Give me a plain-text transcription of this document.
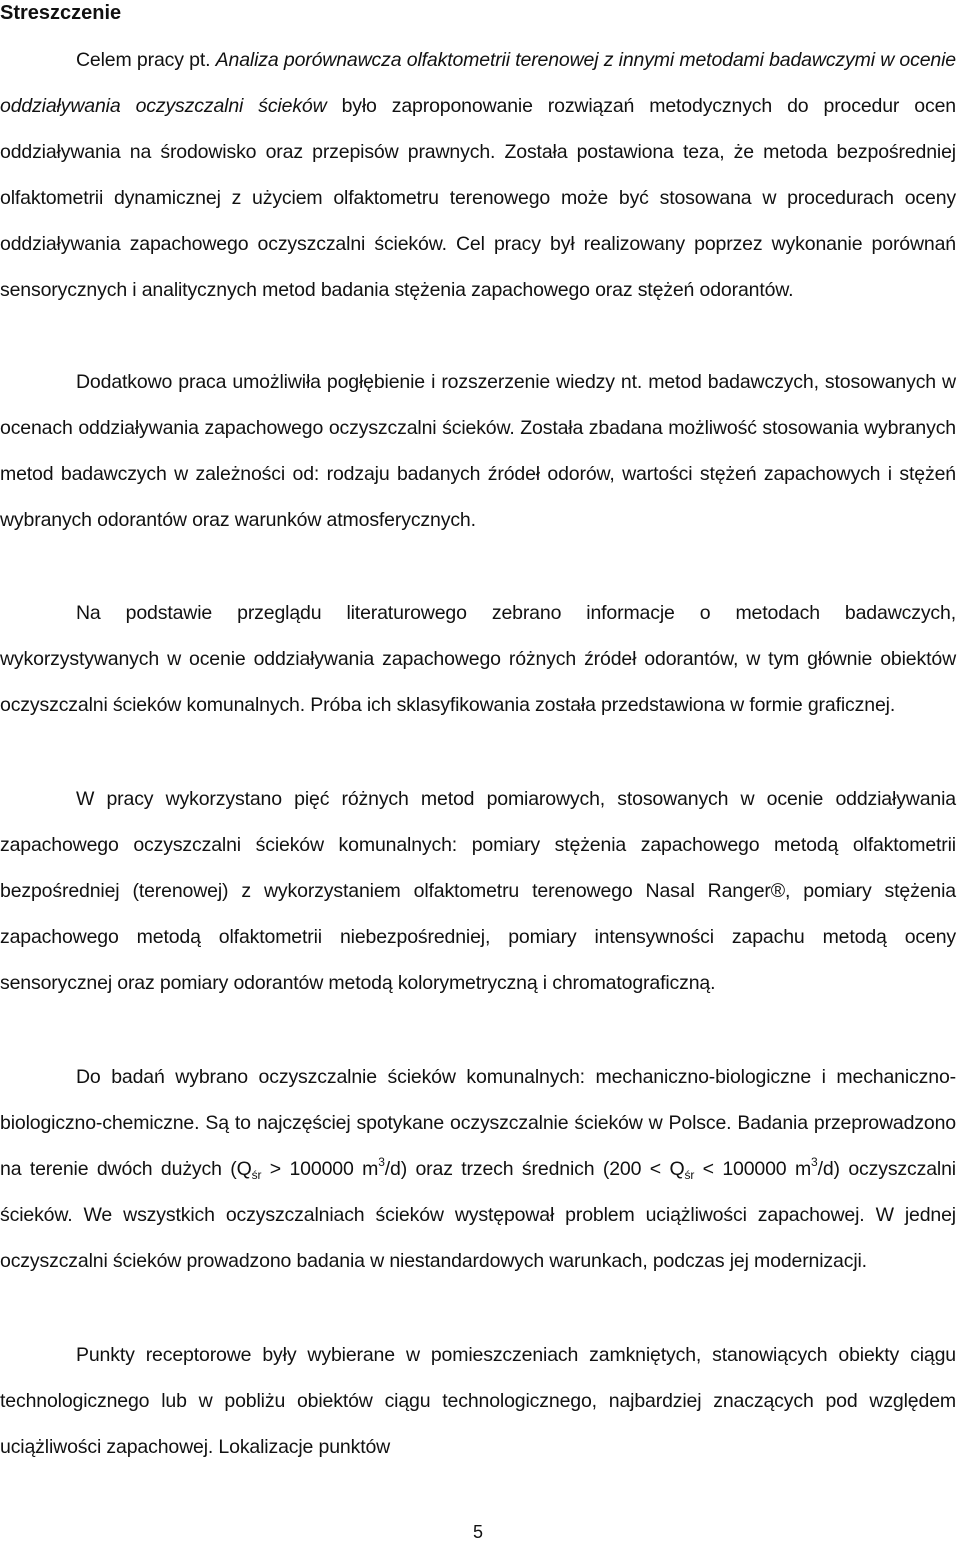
Streszczenie

Celem pracy pt. Analiza porównawcza olfaktometrii terenowej z innymi metodami badawczymi w ocenie oddziaływania oczyszczalni ścieków było zaproponowanie rozwiązań metodycznych do procedur ocen oddziaływania na środowisko oraz przepisów prawnych. Została postawiona teza, że metoda bezpośredniej olfaktometrii dynamicznej z użyciem olfaktometru terenowego może być stosowana w procedurach oceny oddziaływania zapachowego oczyszczalni ścieków. Cel pracy był realizowany poprzez wykonanie porównań sensorycznych i analitycznych metod badania stężenia zapachowego oraz stężeń odorantów.

Dodatkowo praca umożliwiła pogłębienie i rozszerzenie wiedzy nt. metod badawczych, stosowanych w ocenach oddziaływania zapachowego oczyszczalni ścieków. Została zbadana możliwość stosowania wybranych metod badawczych w zależności od: rodzaju badanych źródeł odorów, wartości stężeń zapachowych i stężeń wybranych odorantów oraz warunków atmosferycznych.

Na podstawie przeglądu literaturowego zebrano informacje o metodach badawczych, wykorzystywanych w ocenie oddziaływania zapachowego różnych źródeł odorantów, w tym głównie obiektów oczyszczalni ścieków komunalnych. Próba ich sklasyfikowania została przedstawiona w formie graficznej.

W pracy wykorzystano pięć różnych metod pomiarowych, stosowanych w ocenie oddziaływania zapachowego oczyszczalni ścieków komunalnych: pomiary stężenia zapachowego metodą olfaktometrii bezpośredniej (terenowej) z wykorzystaniem olfaktometru terenowego Nasal Ranger®, pomiary stężenia zapachowego metodą olfaktometrii niebezpośredniej, pomiary intensywności zapachu metodą oceny sensorycznej oraz pomiary odorantów metodą kolorymetryczną i chromatograficzną.

Do badań wybrano oczyszczalnie ścieków komunalnych: mechaniczno-biologiczne i mechaniczno-biologiczno-chemiczne. Są to najczęściej spotykane oczyszczalnie ścieków w Polsce. Badania przeprowadzono na terenie dwóch dużych ($Q_{śr} > 100000$ $m^3/d$) oraz trzech średnich ($200 < Q_{śr} < 100000$ $m^3/d$) oczyszczalni ścieków. We wszystkich oczyszczalniach ścieków występował problem uciążliwości zapachowej. W jednej oczyszczalni ścieków prowadzono badania w niestandardowych warunkach, podczas jej modernizacji.

Punkty receptorowe były wybierane w pomieszczeniach zamkniętych, stanowiących obiekty ciągu technologicznego lub w pobliżu obiektów ciągu technologicznego, najbardziej znaczących pod względem uciążliwości zapachowej. Lokalizacje punktów

5
